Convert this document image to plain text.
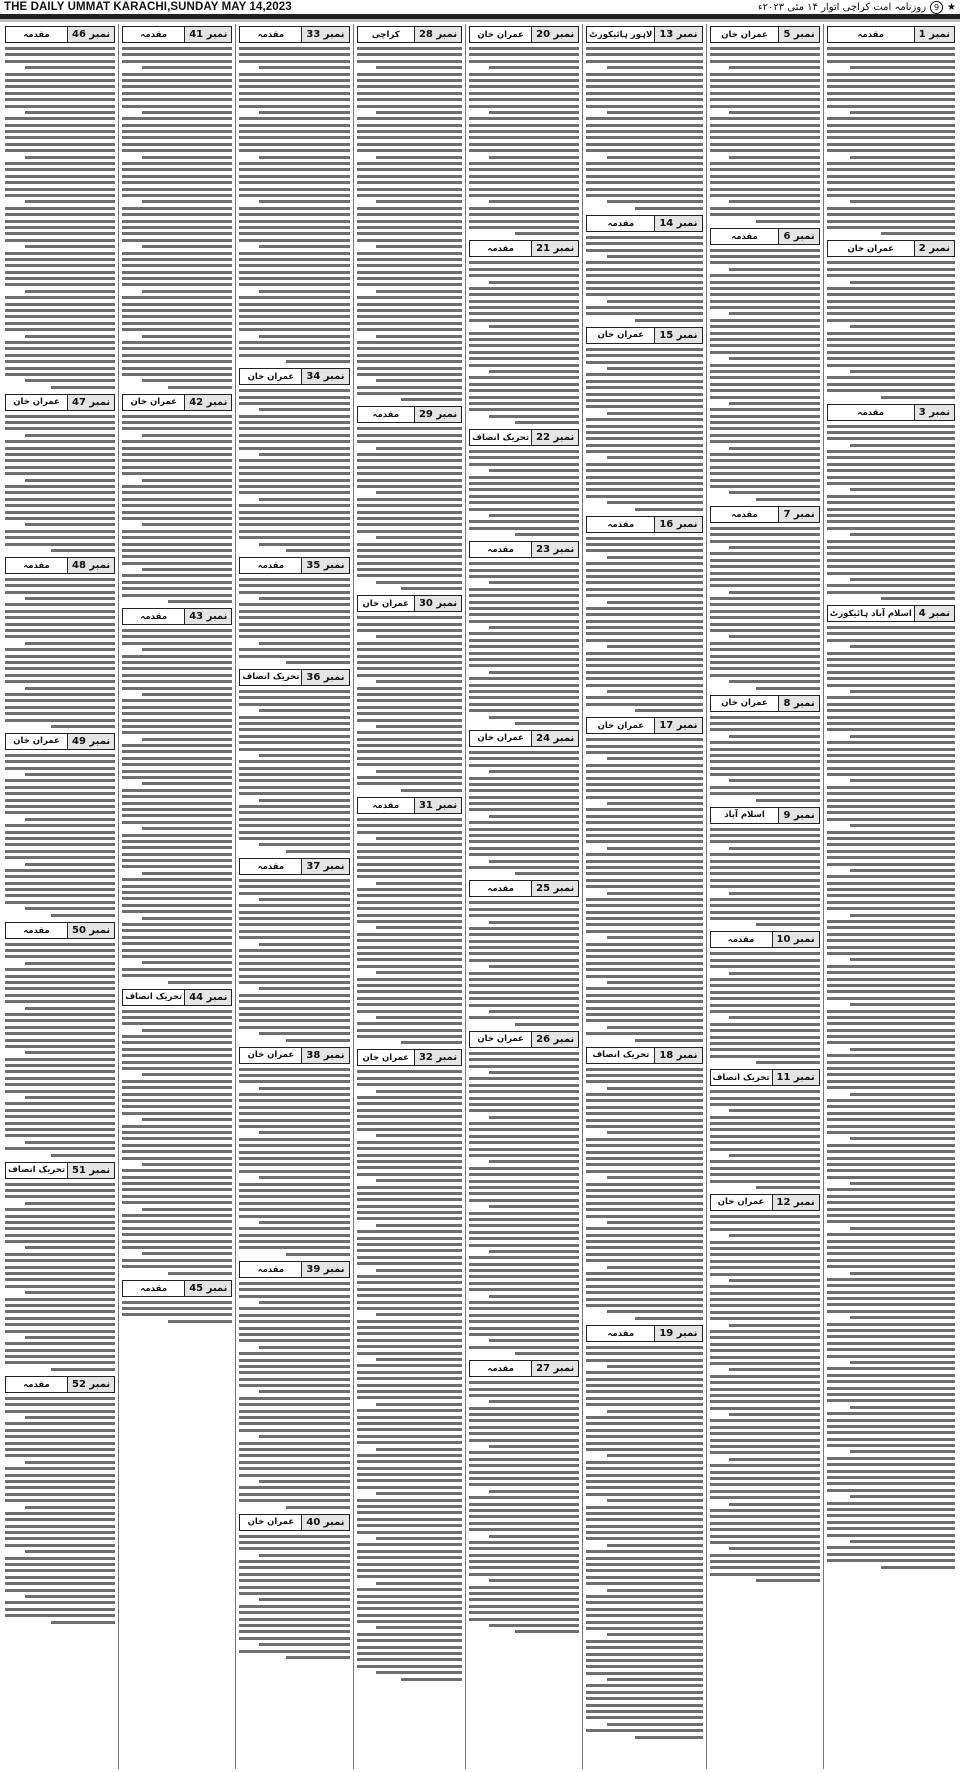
THE DAILY UMMAT KARACHI,SUNDAY MAY 14,2023	★
9
روزنامہ امت کراچی اتوار ۱۴ مئی ۲۰۲۳ء
نمبر 1
مقدمہ
نمبر 2
عمران خان
نمبر 3
مقدمہ
نمبر 4
اسلام آباد ہائیکورٹ
نمبر 5
عمران خان
نمبر 6
مقدمہ
نمبر 7
مقدمہ
نمبر 8
عمران خان
نمبر 9
اسلام آباد
نمبر 10
مقدمہ
نمبر 11
تحریک انصاف
نمبر 12
عمران خان
نمبر 13
لاہور ہائیکورٹ
نمبر 14
مقدمہ
نمبر 15
عمران خان
نمبر 16
مقدمہ
نمبر 17
عمران خان
نمبر 18
تحریک انصاف
نمبر 19
مقدمہ
نمبر 20
عمران خان
نمبر 21
مقدمہ
نمبر 22
تحریک انصاف
نمبر 23
مقدمہ
نمبر 24
عمران خان
نمبر 25
مقدمہ
نمبر 26
عمران خان
نمبر 27
مقدمہ
نمبر 28
کراچی
نمبر 29
مقدمہ
نمبر 30
عمران خان
نمبر 31
مقدمہ
نمبر 32
عمران خان
نمبر 33
مقدمہ
نمبر 34
عمران خان
نمبر 35
مقدمہ
نمبر 36
تحریک انصاف
نمبر 37
مقدمہ
نمبر 38
عمران خان
نمبر 39
مقدمہ
نمبر 40
عمران خان
نمبر 41
مقدمہ
نمبر 42
عمران خان
نمبر 43
مقدمہ
نمبر 44
تحریک انصاف
نمبر 45
مقدمہ
نمبر 46
مقدمہ
نمبر 47
عمران خان
نمبر 48
مقدمہ
نمبر 49
عمران خان
نمبر 50
مقدمہ
نمبر 51
تحریک انصاف
نمبر 52
مقدمہ
